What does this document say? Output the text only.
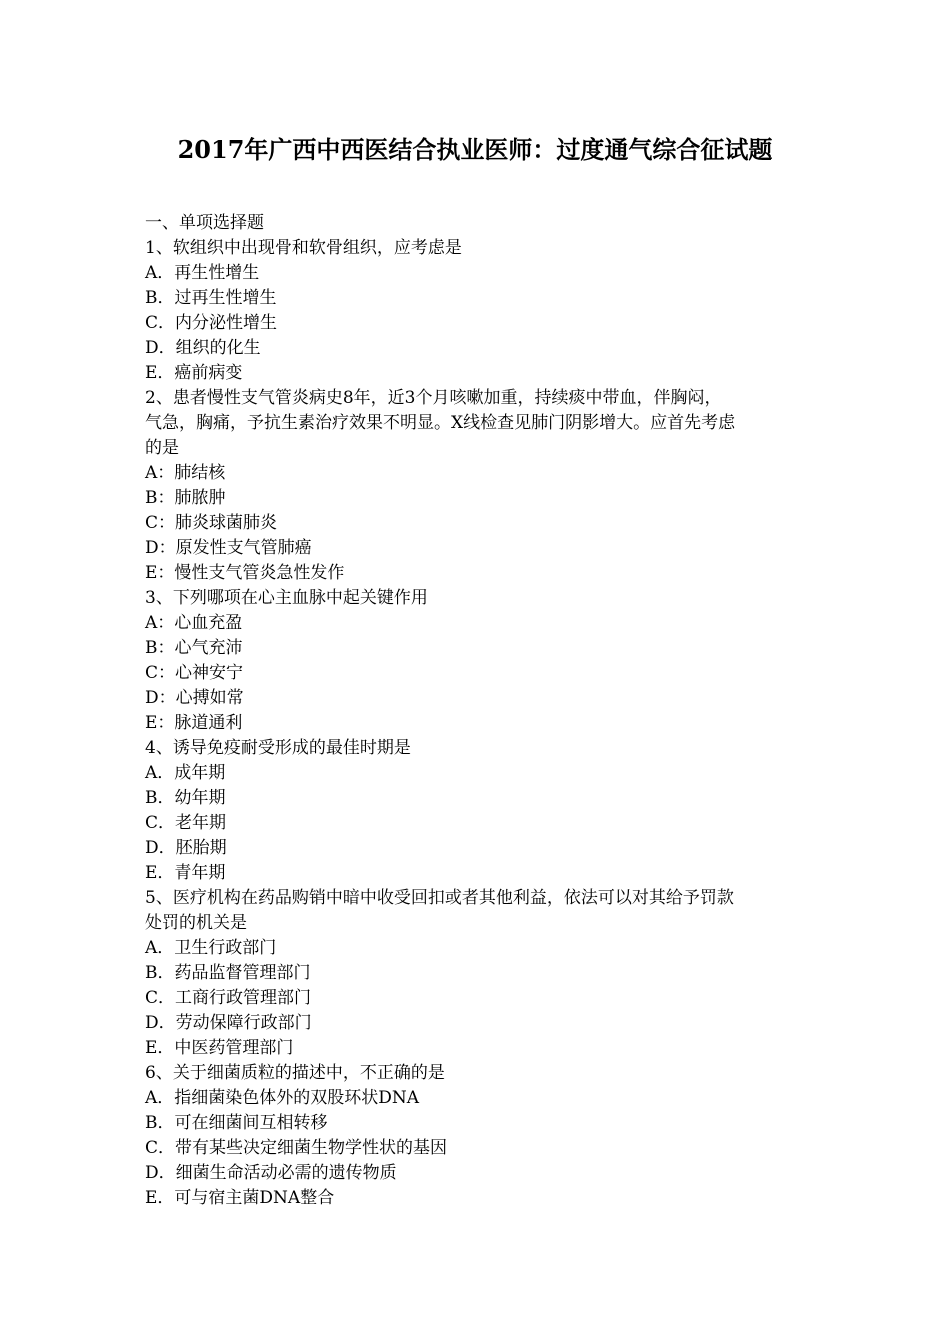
2017年广西中西医结合执业医师：过度通气综合征试题
一、单项选择题
1、软组织中出现骨和软骨组织，应考虑是
A．再生性增生
B．过再生性增生
C．内分泌性增生
D．组织的化生
E．癌前病变
2、患者慢性支气管炎病史8年，近3个月咳嗽加重，持续痰中带血，伴胸闷，
气急，胸痛，予抗生素治疗效果不明显。X线检查见肺门阴影增大。应首先考虑
的是
A：肺结核
B：肺脓肿
C：肺炎球菌肺炎
D：原发性支气管肺癌
E：慢性支气管炎急性发作
3、下列哪项在心主血脉中起关键作用
A：心血充盈
B：心气充沛
C：心神安宁
D：心搏如常
E：脉道通利
4、诱导免疫耐受形成的最佳时期是
A．成年期
B．幼年期
C．老年期
D．胚胎期
E．青年期
5、医疗机构在药品购销中暗中收受回扣或者其他利益，依法可以对其给予罚款
处罚的机关是
A．卫生行政部门
B．药品监督管理部门
C．工商行政管理部门
D．劳动保障行政部门
E．中医药管理部门
6、关于细菌质粒的描述中，不正确的是
A．指细菌染色体外的双股环状DNA
B．可在细菌间互相转移
C．带有某些决定细菌生物学性状的基因
D．细菌生命活动必需的遗传物质
E．可与宿主菌DNA整合
